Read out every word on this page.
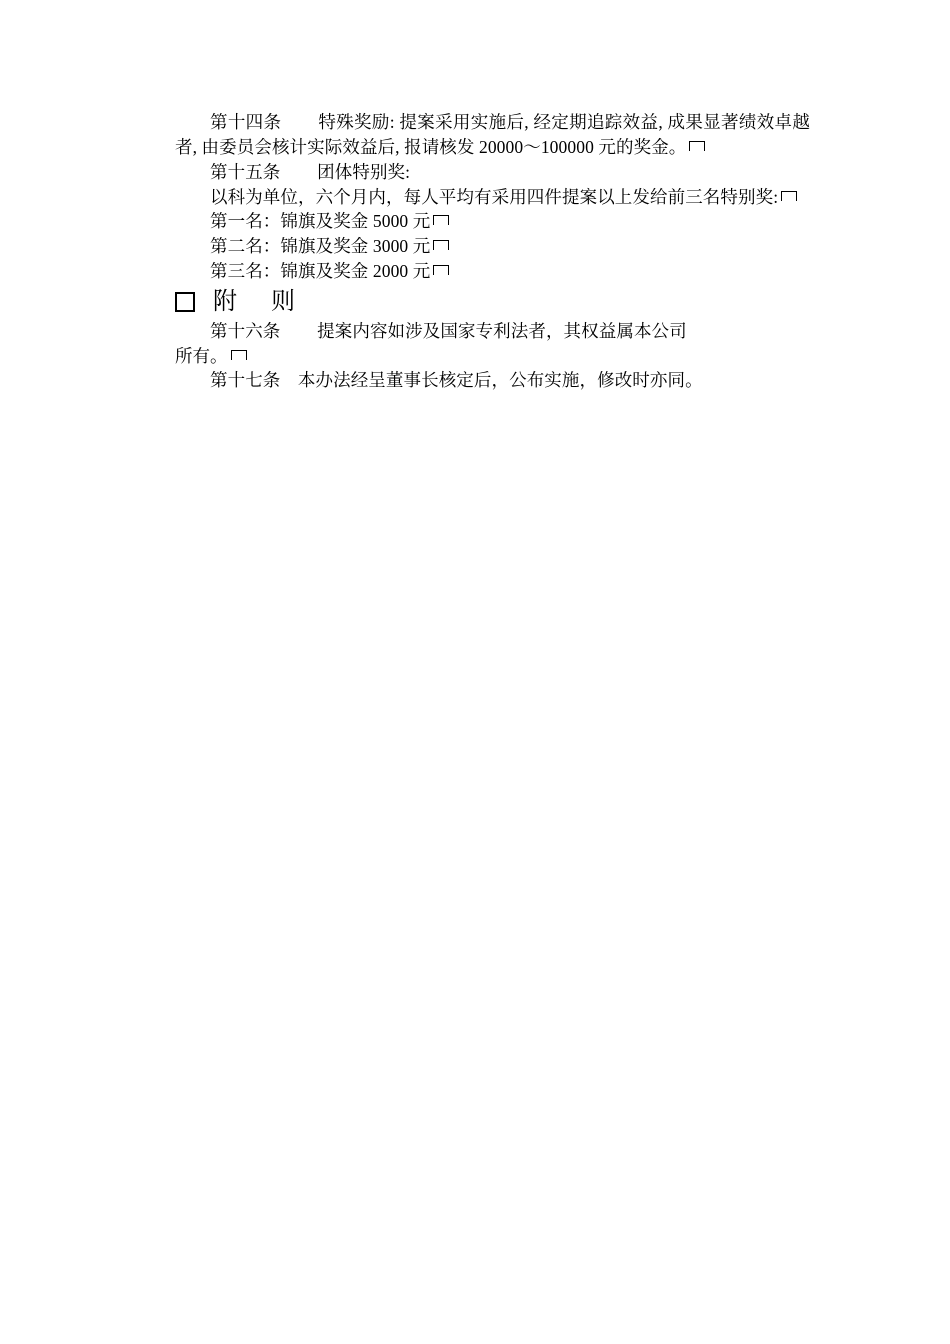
第十四条 特殊奖励: 提案采用实施后, 经定期追踪效益, 成果显著绩效卓越者, 由委员会核计实际效益后, 报请核发 20000～100000 元的奖金。

第十五条 团体特别奖:

以科为单位，六个月内，每人平均有采用四件提案以上发给前三名特别奖:

第一名：锦旗及奖金 5000 元

第二名：锦旗及奖金 3000 元

第三名：锦旗及奖金 2000 元

附 则

第十六条 提案内容如涉及国家专利法者，其权益属本公司

所有。

第十七条 本办法经呈董事长核定后，公布实施，修改时亦同。
